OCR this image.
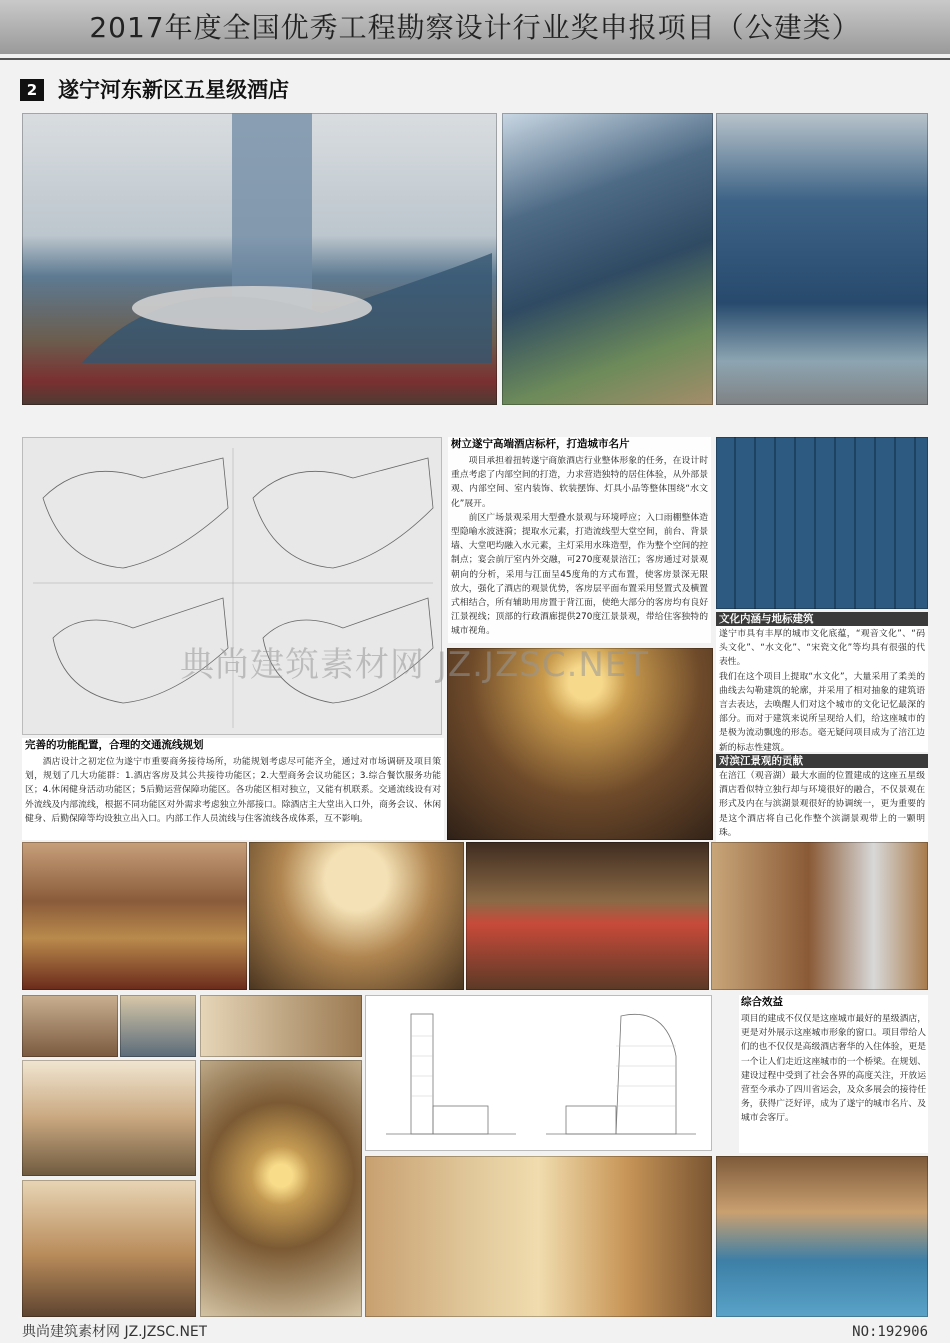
2017年度全国优秀工程勘察设计行业奖申报项目（公建类）
2 遂宁河东新区五星级酒店
树立遂宁高端酒店标杆，打造城市名片

项目承担着扭转遂宁商旅酒店行业整体形象的任务，在设计时重点考虑了内部空间的打造，力求营造独特的居住体验，从外部景观、内部空间、室内装饰、软装摆饰、灯具小品等整体围绕“水文化”展开。

前区广场景观采用大型叠水景观与环境呼应；入口雨棚整体造型隐喻水波涟漪；提取水元素，打造流线型大堂空间，前台、背景墙、大堂吧均融入水元素，主灯采用水珠造型，作为整个空间的控制点；宴会前厅室内外交融，可270度观景涪江；客房通过对景观朝向的分析，采用与江面呈45度角的方式布置，使客房景深无限放大，强化了酒店的观景优势，客房层平面布置采用竖置式及横置式相结合，所有辅助用房置于背江面，使绝大部分的客房均有良好江景视线；顶部的行政酒廊提供270度江景景观，带给住客独特的城市视角。

文化内涵与地标建筑

遂宁市具有丰厚的城市文化底蕴，“观音文化”、“码头文化”、“水文化”、“宋瓷文化”等均具有很强的代表性。

我们在这个项目上提取“水文化”，大量采用了柔美的曲线去勾勒建筑的轮廓，并采用了相对抽象的建筑语言去表达，去唤醒人们对这个城市的文化记忆最深的部分。而对于建筑来说所呈现给人们，给这座城市的是极为流动飘逸的形态。毫无疑问项目成为了涪江边新的标志性建筑。

对滨江景观的贡献

在涪江（观音湖）最大水面的位置建成的这座五星级酒店看似特立独行却与环境很好的融合，不仅景观在形式及内在与滨湖景观很好的协调统一，更为重要的是这个酒店将自己化作整个滨湖景观带上的一颗明珠。

完善的功能配置，合理的交通流线规划

酒店设计之初定位为遂宁市重要商务接待场所，功能规划考虑尽可能齐全，通过对市场调研及项目策划，规划了几大功能群：1.酒店客房及其公共接待功能区；2.大型商务会议功能区；3.综合餐饮服务功能区；4.休闲健身活动功能区；5后勤运营保障功能区。各功能区相对独立，又能有机联系。交通流线设有对外流线及内部流线，根据不同功能区对外需求考虑独立外部接口。除酒店主大堂出入口外，商务会议、休闲健身、后勤保障等均设独立出入口。内部工作人员流线与住客流线各成体系，互不影响。

典尚建筑素材网 JZ.JZSC.NET
综合效益

项目的建成不仅仅是这座城市最好的星级酒店，更是对外展示这座城市形象的窗口。项目带给人们的也不仅仅是高级酒店奢华的入住体验，更是一个让人们走近这座城市的一个桥梁。在规划、建设过程中受到了社会各界的高度关注，开放运营至今承办了四川省运会，及众多展会的接待任务，获得广泛好评，成为了遂宁的城市名片、及城市会客厅。

典尚建筑素材网 JZ.JZSC.NET	NO:192906
